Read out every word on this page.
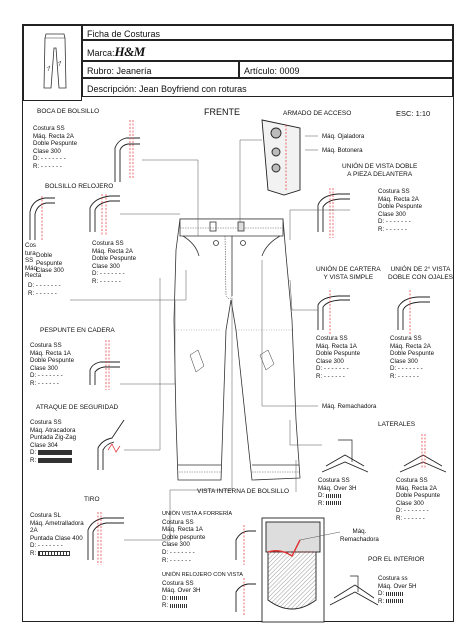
Ficha de Costuras
Marca:H&M
Rubro: Jeanería	Artículo: 0009
Descripción: Jean Boyfriend con roturas
FRENTE	ESC: 1:10
BOCA DE BOLSILLO
Costura SS
Máq. Recta 2A
Doble Pespunte
Clase 300
D: - - - - - - -
R: - - - - - -
BOLSILLO RELOJERO
Cos
tura
SS
Máq.
Recta
Doble Pespunte Clase 300
D: - - - - - - -
R: - - - - - -
Costura SS
Máq. Recta 2A
Doble Pespunte
Clase 300
D: - - - - - - -
R: - - - - - -
PESPUNTE EN CADERA
Costura SS
Máq. Recta 1A
Doble Pespunte
Clase 300
D: - - - - - - -
R: - - - - - -
ATRAQUE DE SEGURIDAD
Costura SS
Máq. Atracadora
Puntada Zig-Zag
Clase 304
D:
R:
TIRO
Costura SL
Máq. Ametralladora
2A
Puntada Clase 400
D: - - - - - - -
R:
ARMADO DE ACCESO
Máq. Ojaladora
Máq. Botonera
UNIÓN DE VISTA DOBLE
A PIEZA DELANTERA
Costura SS
Máq. Recta 2A
Doble Pespunte
Clase 300
D: - - - - - - -
R: - - - - - -
UNIÓN DE CARTERA
Y VISTA SIMPLE
Costura SS
Máq. Recta 1A
Doble Pespunte
Clase 300
D: - - - - - - -
R: - - - - - -
UNIÓN DE 2° VISTA
DOBLE CON OJALES
Costura SS
Máq. Recta 2A
Doble Pespunte
Clase 300
D: - - - - - - -
R: - - - - - -
Máq. Remachadora
LATERALES
Costura SS
Máq. Over 3H
D:
R:
Costura SS
Máq. Recta 2A
Doble Pespunte
Clase 300
D: - - - - - - -
R: - - - - - -
VISTA INTERNA DE BOLSILLO
UNIÓN VISTA A FORRERÍA
Costura SS
Máq. Recta 1A
Doble pespunte
Clase 300
D: - - - - - - -
R: - - - - - -
UNIÓN RELOJERO CON VISTA
Costura SS
Máq. Over 3H
D:
R:
Máq.
Remachadora
POR EL INTERIOR
Costura ss
Máq. Over 5H
D:
R:
